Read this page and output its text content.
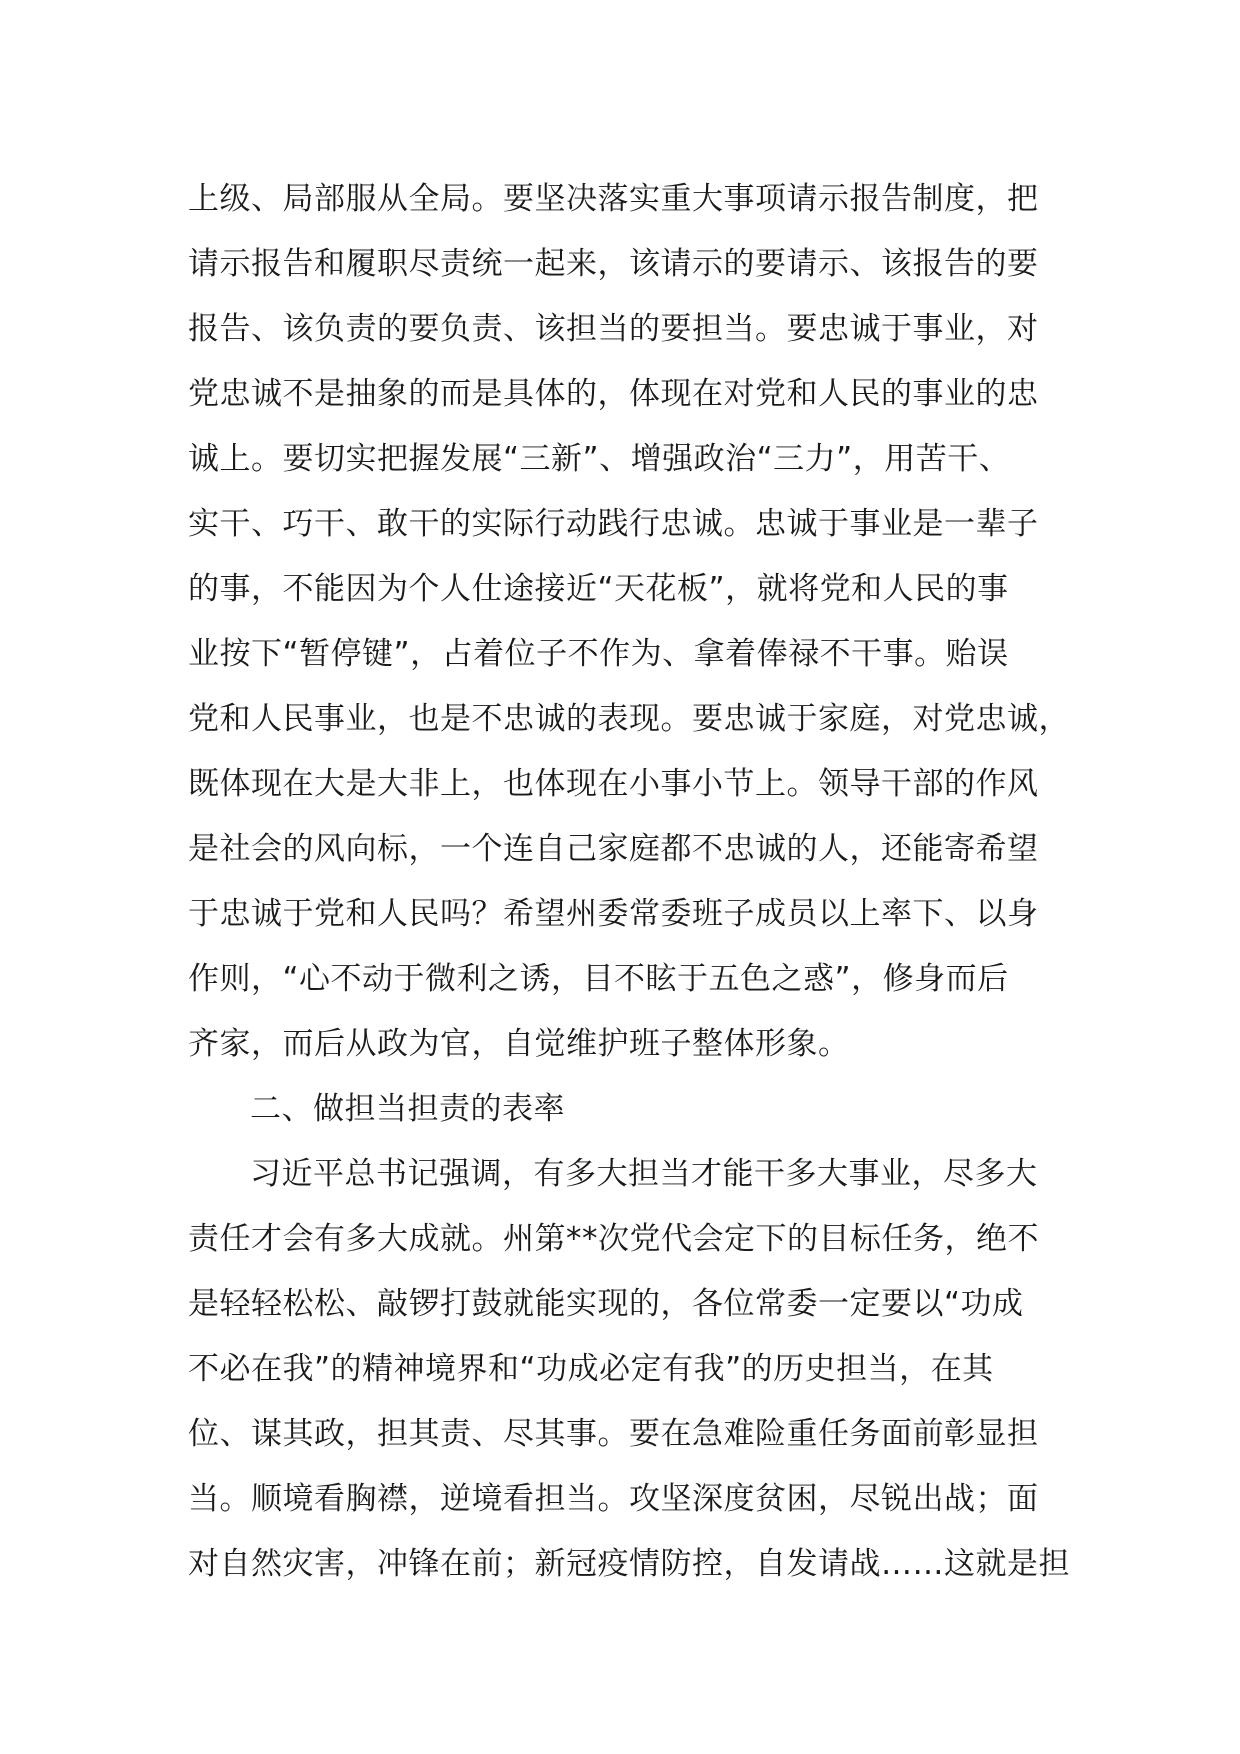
上级、局部服从全局。要坚决落实重大事项请示报告制度，把
请示报告和履职尽责统一起来，该请示的要请示、该报告的要
报告、该负责的要负责、该担当的要担当。要忠诚于事业，对
党忠诚不是抽象的而是具体的，体现在对党和人民的事业的忠
诚上。要切实把握发展“三新”、增强政治“三力”，用苦干、
实干、巧干、敢干的实际行动践行忠诚。忠诚于事业是一辈子
的事，不能因为个人仕途接近“天花板”，就将党和人民的事
业按下“暂停键”，占着位子不作为、拿着俸禄不干事。贻误
党和人民事业，也是不忠诚的表现。要忠诚于家庭，对党忠诚，
既体现在大是大非上，也体现在小事小节上。领导干部的作风
是社会的风向标，一个连自己家庭都不忠诚的人，还能寄希望
于忠诚于党和人民吗？希望州委常委班子成员以上率下、以身
作则，“心不动于微利之诱，目不眩于五色之惑”，修身而后
齐家，而后从政为官，自觉维护班子整体形象。
二、做担当担责的表率
习近平总书记强调，有多大担当才能干多大事业，尽多大
责任才会有多大成就。州第**次党代会定下的目标任务，绝不
是轻轻松松、敲锣打鼓就能实现的，各位常委一定要以“功成
不必在我”的精神境界和“功成必定有我”的历史担当，在其
位、谋其政，担其责、尽其事。要在急难险重任务面前彰显担
当。顺境看胸襟，逆境看担当。攻坚深度贫困，尽锐出战；面
对自然灾害，冲锋在前；新冠疫情防控，自发请战……这就是担
